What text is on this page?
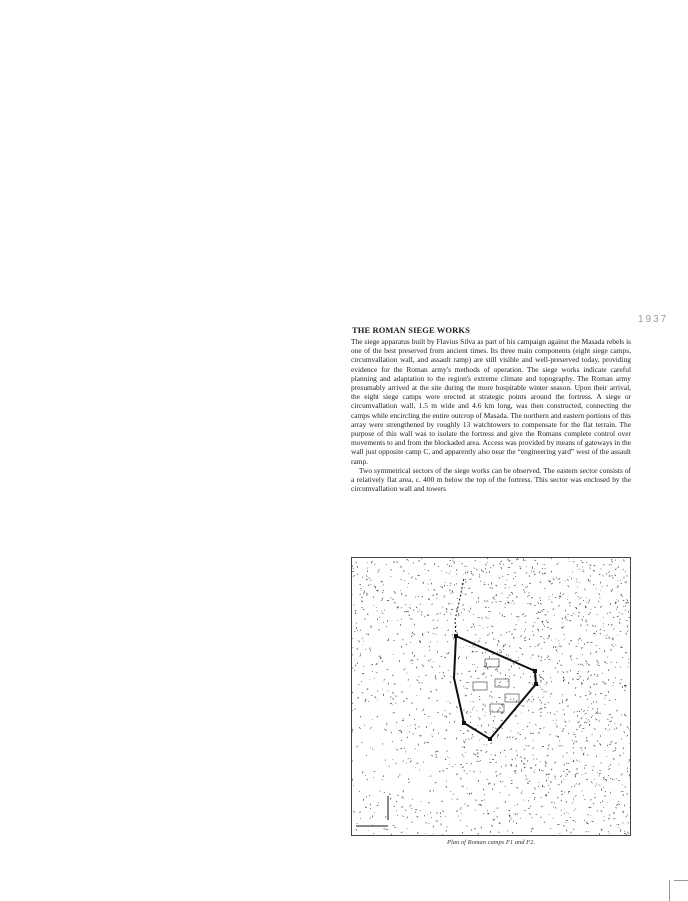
1937
THE ROMAN SIEGE WORKS

The siege apparatus built by Flavius Silva as part of his campaign against the Masada rebels is one of the best preserved from ancient times. Its three main components (eight siege camps, circumvallation wall, and assault ramp) are still visible and well-preserved today, providing evidence for the Roman army's methods of operation. The siege works indicate careful planning and adaptation to the region's extreme climate and topography. The Roman army presumably arrived at the site during the more hospitable winter season. Upon their arrival, the eight siege camps were erected at strategic points around the fortress. A siege or circumvallation wall, 1.5 m wide and 4.6 km long, was then constructed, connecting the camps while encircling the entire outcrop of Masada. The northern and eastern portions of this array were strengthened by roughly 13 watchtowers to compensate for the flat terrain. The purpose of this wall was to isolate the fortress and give the Romans complete control over movements to and from the blockaded area. Access was provided by means of gateways in the wall just opposite camp C, and apparently also near the “engineering yard” west of the assault ramp.

Two symmetrical sectors of the siege works can be observed. The eastern sector consists of a relatively flat area, c. 400 m below the top of the fortress. This sector was enclosed by the circumvallation wall and towers

Plan of Roman camps F1 and F2.
